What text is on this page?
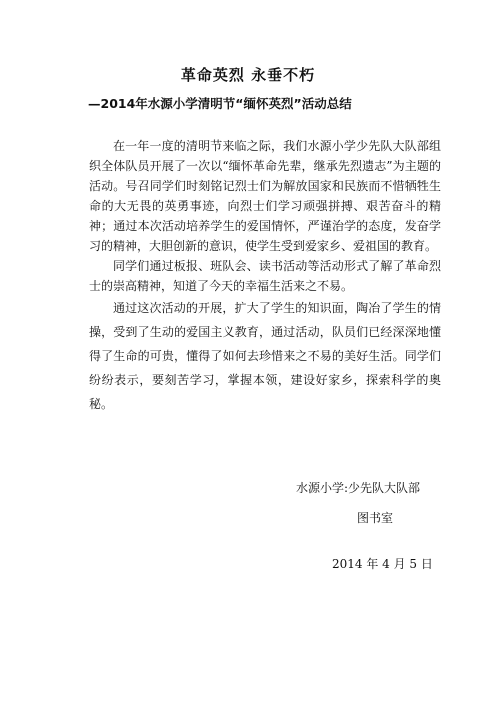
革命英烈 永垂不朽
—2014年水源小学清明节“缅怀英烈”活动总结

在一年一度的清明节来临之际，我们水源小学少先队大队部组织全体队员开展了一次以“缅怀革命先辈，继承先烈遗志”为主题的活动。号召同学们时刻铭记烈士们为解放国家和民族而不惜牺牲生命的大无畏的英勇事迹，向烈士们学习顽强拼搏、艰苦奋斗的精神；通过本次活动培养学生的爱国情怀，严谨治学的态度，发奋学习的精神，大胆创新的意识，使学生受到爱家乡、爱祖国的教育。

同学们通过板报、班队会、读书活动等活动形式了解了革命烈士的崇高精神，知道了今天的幸福生活来之不易。

通过这次活动的开展，扩大了学生的知识面，陶冶了学生的情操，受到了生动的爱国主义教育，通过活动，队员们已经深深地懂得了生命的可贵，懂得了如何去珍惜来之不易的美好生活。同学们纷纷表示，要刻苦学习，掌握本领，建设好家乡，探索科学的奥秘。

水源小学:少先队大队部

图书室

2014 年 4 月 5 日
